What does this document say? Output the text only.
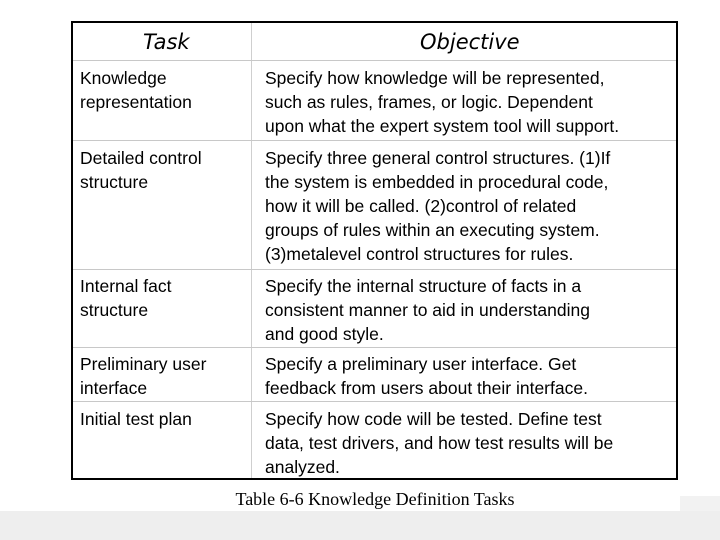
Task	Objective
Knowledge
representation
Specify how knowledge will be represented,
such as rules, frames, or logic. Dependent
upon what the expert system tool will support.
Detailed control
structure
Specify three general control structures. (1)If
the system is embedded in procedural code,
how it will be called. (2)control of related
groups of rules within an executing system.
(3)metalevel control structures for rules.
Internal fact
structure
Specify the internal structure of facts in a
consistent manner to aid in understanding
and good style.
Preliminary user
interface
Specify a preliminary user interface. Get
feedback from users about their interface.
Initial test plan	Specify how code will be tested. Define test
data, test drivers, and how test results will be
analyzed.
Table 6-6 Knowledge Definition Tasks
